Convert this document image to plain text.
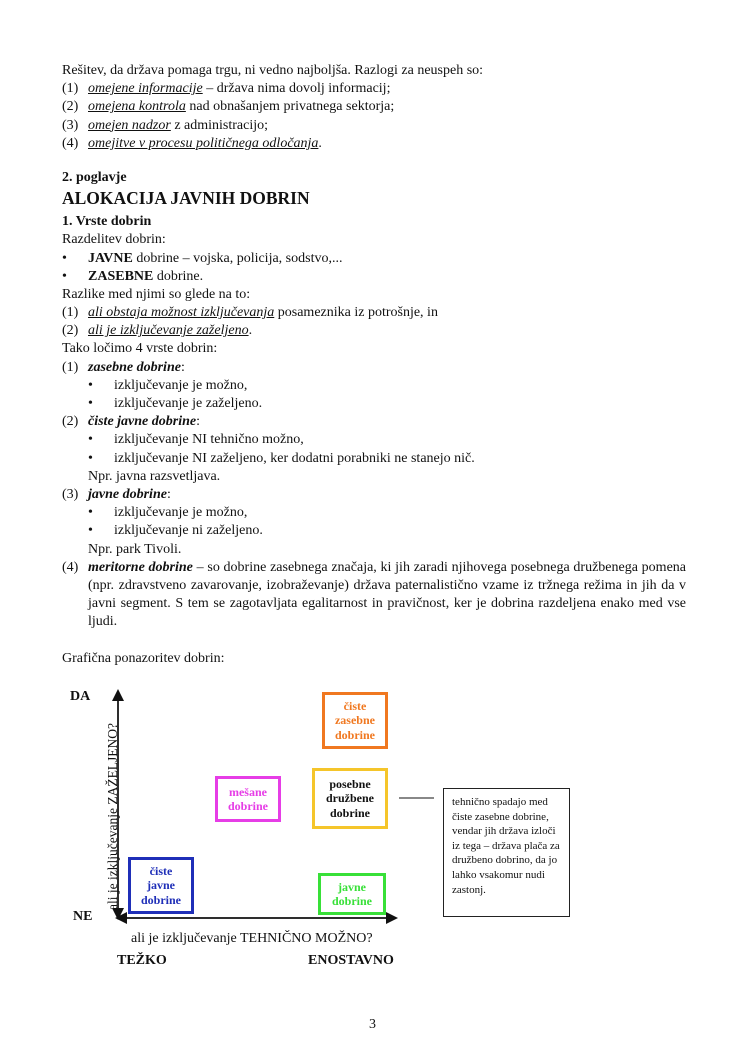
Rešitev, da država pomaga trgu, ni vedno najboljša. Razlogi za neuspeh so:
(1) omejene informacije – država nima dovolj informacij;
(2) omejena kontrola nad obnašanjem privatnega sektorja;
(3) omejen nadzor z administracijo;
(4) omejitve v procesu političnega odločanja.
2. poglavje
ALOKACIJA JAVNIH DOBRIN
1. Vrste dobrin
Razdelitev dobrin:
• JAVNE dobrine – vojska, policija, sodstvo,...
• ZASEBNE dobrine.
Razlike med njimi so glede na to:
(1) ali obstaja možnost izključevanja posameznika iz potrošnje, in
(2) ali je izključevanje zaželjeno.
Tako ločimo 4 vrste dobrin:
(1) zasebne dobrine:
• izključevanje je možno,
• izključevanje je zaželjeno.
(2) čiste javne dobrine:
• izključevanje NI tehnično možno,
• izključevanje NI zaželjeno, ker dodatni porabniki ne stanejo nič.
Npr. javna razsvetljava.
(3) javne dobrine:
• izključevanje je možno,
• izključevanje ni zaželjeno.
Npr. park Tivoli.
(4) meritorne dobrine – so dobrine zasebnega značaja, ki jih zaradi njihovega posebnega družbenega pomena (npr. zdravstveno zavarovanje, izobraževanje) država paternalistično vzame iz tržnega režima in jih da v javni segment. S tem se zagotavljata egalitarnost in pravičnost, ker je dobrina razdeljena enako med vse ljudi.
Grafična ponazoritev dobrin:
DA
NE
ali je izključevanje ZAŽELJENO?
ali je izključevanje TEHNIČNO MOŽNO?
TEŽKO	ENOSTAVNO
čiste
zasebne
dobrine
mešane
dobrine
posebne
družbene
dobrine
čiste
javne
dobrine
javne
dobrine
tehnično spadajo med čiste zasebne dobrine, vendar jih država izloči iz tega – država plača za družbeno dobrino, da jo lahko vsakomur nudi zastonj.
3
